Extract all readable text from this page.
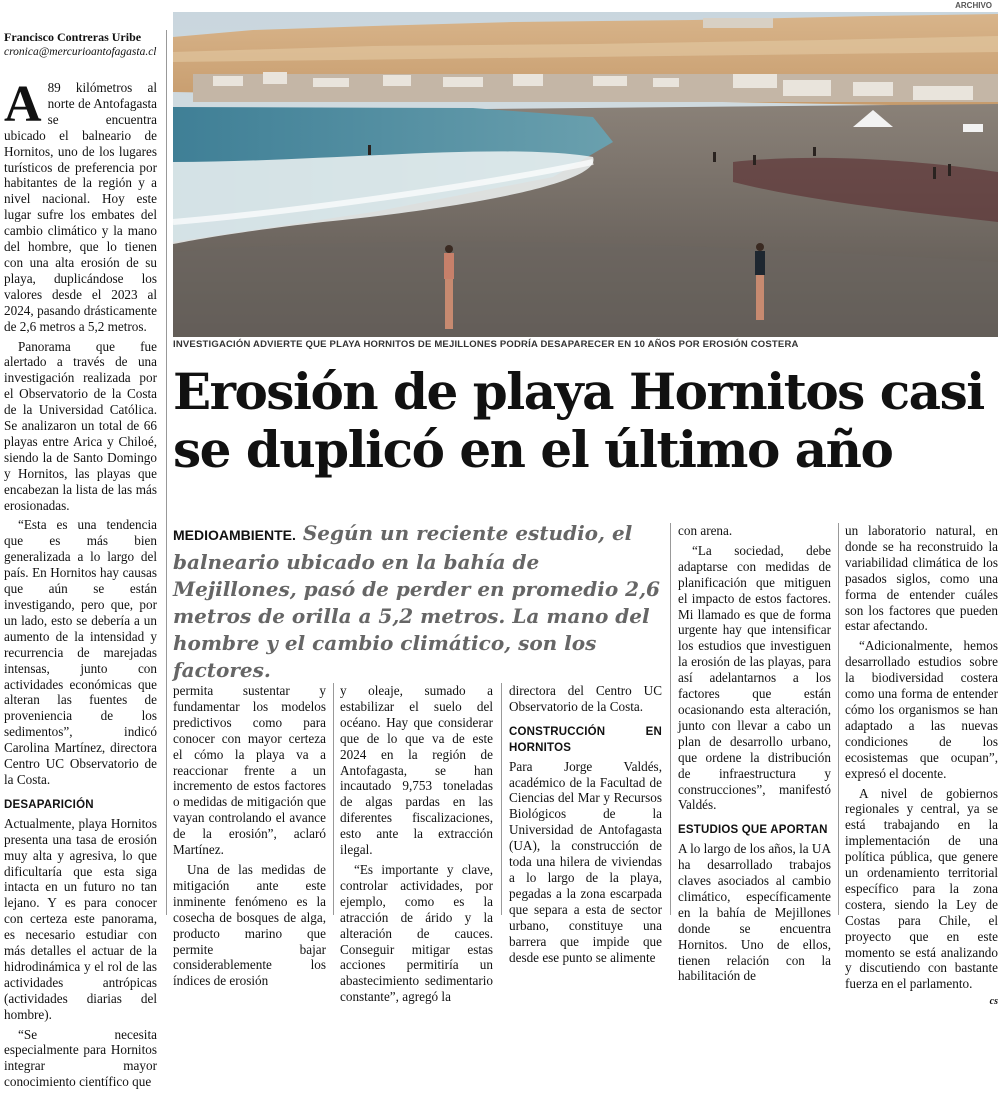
Francisco Contreras Uribe
cronica@mercurioantofagasta.cl

A 89 kilómetros al norte de Antofagasta se encuentra ubicado el balneario de Hornitos, uno de los lugares turísticos de preferencia por habitantes de la región y a nivel nacional. Hoy este lugar sufre los embates del cambio climático y la mano del hombre, que lo tienen con una alta erosión de su playa, duplicándose los valores desde el 2023 al 2024, pasando drásticamente de 2,6 metros a 5,2 metros.

Panorama que fue alertado a través de una investigación realizada por el Observatorio de la Costa de la Universidad Católica. Se analizaron un total de 66 playas entre Arica y Chiloé, siendo la de Santo Domingo y Hornitos, las playas que encabezan la lista de las más erosionadas.

“Esta es una tendencia que es más bien generalizada a lo largo del país. En Hornitos hay causas que aún se están investigando, pero que, por un lado, esto se debería a un aumento de la intensidad y recurrencia de marejadas intensas, junto con actividades económicas que alteran las fuentes de proveniencia de los sedimentos”, indicó Carolina Martínez, directora Centro UC Observatorio de la Costa.

DESAPARICIÓN

Actualmente, playa Hornitos presenta una tasa de erosión muy alta y agresiva, lo que dificultaría que esta siga intacta en un futuro no tan lejano. Y es para conocer con certeza este panorama, es necesario estudiar con más detalles el actuar de la hidrodinámica y el rol de las actividades antrópicas (actividades diarias del hombre).

“Se necesita especialmente para Hornitos integrar mayor conocimiento científico que

ARCHIVO
INVESTIGACIÓN ADVIERTE QUE PLAYA HORNITOS DE MEJILLONES PODRÍA DESAPARECER EN 10 AÑOS POR EROSIÓN COSTERA
Erosión de playa Hornitos casi se duplicó en el último año
MEDIOAMBIENTE. Según un reciente estudio, el balneario ubicado en la bahía de Mejillones, pasó de perder en promedio 2,6 metros de orilla a 5,2 metros. La mano del hombre y el cambio climático, son los factores.

permita sustentar y fundamentar los modelos predictivos como para conocer con mayor certeza el cómo la playa va a reaccionar frente a un incremento de estos factores o medidas de mitigación que vayan controlando el avance de la erosión”, aclaró Martínez.

Una de las medidas de mitigación ante este inminente fenómeno es la cosecha de bosques de alga, producto marino que permite bajar considerablemente los índices de erosión

y oleaje, sumado a estabilizar el suelo del océano. Hay que considerar que de lo que va de este 2024 en la región de Antofagasta, se han incautado 9,753 toneladas de algas pardas en las diferentes fiscalizaciones, esto ante la extracción ilegal.

“Es importante y clave, controlar actividades, por ejemplo, como es la atracción de árido y la alteración de cauces. Conseguir mitigar estas acciones permitiría un abastecimiento sedimentario constante”, agregó la

directora del Centro UC Observatorio de la Costa.

CONSTRUCCIÓN EN HORNITOS

Para Jorge Valdés, académico de la Facultad de Ciencias del Mar y Recursos Biológicos de la Universidad de Antofagasta (UA), la construcción de toda una hilera de viviendas a lo largo de la playa, pegadas a la zona escarpada que separa a esta de sector urbano, constituye una barrera que impide que desde ese punto se alimente

con arena.

“La sociedad, debe adaptarse con medidas de planificación que mitiguen el impacto de estos factores. Mi llamado es que de forma urgente hay que intensificar los estudios que investiguen la erosión de las playas, para así adelantarnos a los factores que están ocasionando esta alteración, junto con llevar a cabo un plan de desarrollo urbano, que ordene la distribución de infraestructura y construcciones”, manifestó Valdés.

ESTUDIOS QUE APORTAN

A lo largo de los años, la UA ha desarrollado trabajos claves asociados al cambio climático, específicamente en la bahía de Mejillones donde se encuentra Hornitos. Uno de ellos, tienen relación con la habilitación de

un laboratorio natural, en donde se ha reconstruido la variabilidad climática de los pasados siglos, como una forma de entender cuáles son los factores que pueden estar afectando.

“Adicionalmente, hemos desarrollado estudios sobre la biodiversidad costera como una forma de entender cómo los organismos se han adaptado a las nuevas condiciones de los ecosistemas que ocupan”, expresó el docente.

A nivel de gobiernos regionales y central, ya se está trabajando en la implementación de una política pública, que genere un ordenamiento territorial específico para la zona costera, siendo la Ley de Costas para Chile, el proyecto que en este momento se está analizando y discutiendo con bastante fuerza en el parlamento.

cs
